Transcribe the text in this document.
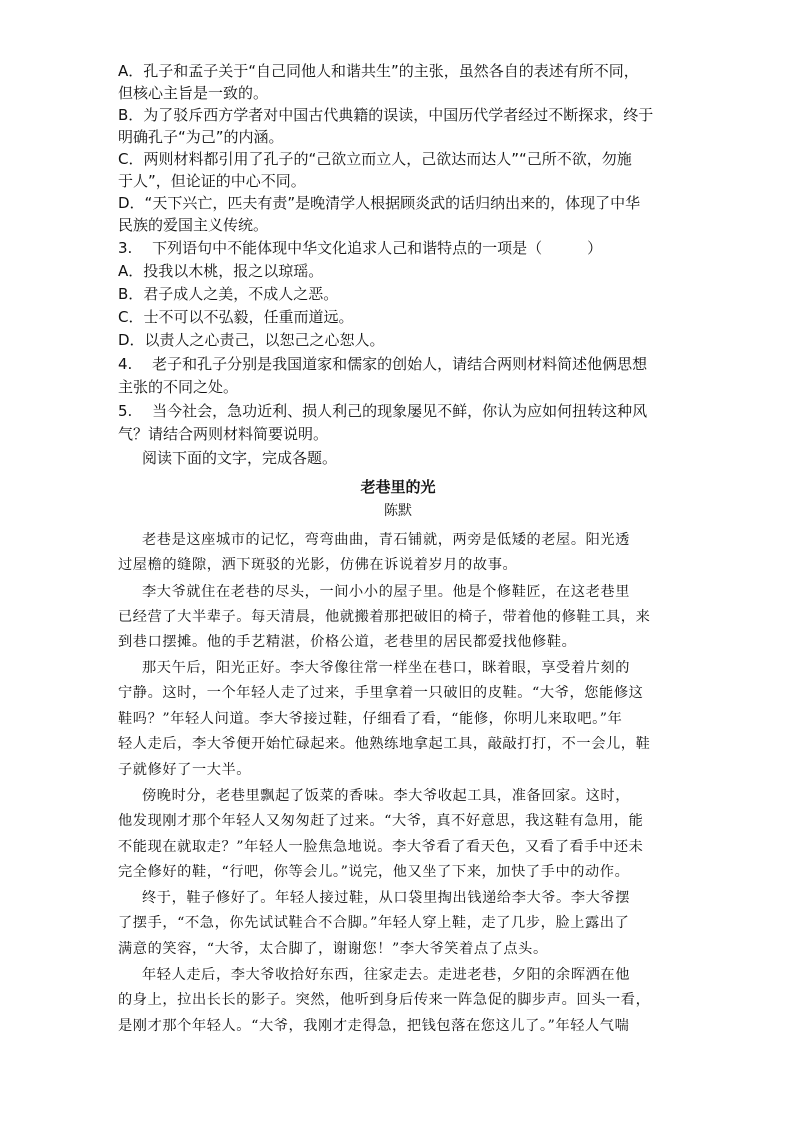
A．孔子和孟子关于“自己同他人和谐共生”的主张，虽然各自的表述有所不同，
但核心主旨是一致的。
B．为了驳斥西方学者对中国古代典籍的误读，中国历代学者经过不断探求，终于
明确孔子“为己”的内涵。
C．两则材料都引用了孔子的“己欲立而立人，己欲达而达人”“己所不欲，勿施
于人”，但论证的中心不同。
D．“天下兴亡，匹夫有责”是晚清学人根据顾炎武的话归纳出来的，体现了中华
民族的爱国主义传统。
3.　 下列语句中不能体现中华文化追求人己和谐特点的一项是（　　　）
A．投我以木桃，报之以琼瑶。
B．君子成人之美，不成人之恶。
C．士不可以不弘毅，任重而道远。
D．以责人之心责己，以恕己之心恕人。
4.　 老子和孔子分别是我国道家和儒家的创始人，请结合两则材料简述他俩思想
主张的不同之处。
5.　 当今社会，急功近利、损人利己的现象屡见不鲜，你认为应如何扭转这种风
气？请结合两则材料简要说明。
阅读下面的文字，完成各题。
老巷里的光
陈默
老巷是这座城市的记忆，弯弯曲曲，青石铺就，两旁是低矮的老屋。阳光透
过屋檐的缝隙，洒下斑驳的光影，仿佛在诉说着岁月的故事。
李大爷就住在老巷的尽头，一间小小的屋子里。他是个修鞋匠，在这老巷里
已经营了大半辈子。每天清晨，他就搬着那把破旧的椅子，带着他的修鞋工具，来
到巷口摆摊。他的手艺精湛，价格公道，老巷里的居民都爱找他修鞋。
那天午后，阳光正好。李大爷像往常一样坐在巷口，眯着眼，享受着片刻的
宁静。这时，一个年轻人走了过来，手里拿着一只破旧的皮鞋。“大爷，您能修这
鞋吗？”年轻人问道。李大爷接过鞋，仔细看了看，“能修，你明儿来取吧。”年
轻人走后，李大爷便开始忙碌起来。他熟练地拿起工具，敲敲打打，不一会儿，鞋
子就修好了一大半。
傍晚时分，老巷里飘起了饭菜的香味。李大爷收起工具，准备回家。这时，
他发现刚才那个年轻人又匆匆赶了过来。“大爷，真不好意思，我这鞋有急用，能
不能现在就取走？”年轻人一脸焦急地说。李大爷看了看天色，又看了看手中还未
完全修好的鞋，“行吧，你等会儿。”说完，他又坐了下来，加快了手中的动作。
终于，鞋子修好了。年轻人接过鞋，从口袋里掏出钱递给李大爷。李大爷摆
了摆手，“不急，你先试试鞋合不合脚。”年轻人穿上鞋，走了几步，脸上露出了
满意的笑容，“大爷，太合脚了，谢谢您！”李大爷笑着点了点头。
年轻人走后，李大爷收拾好东西，往家走去。走进老巷，夕阳的余晖洒在他
的身上，拉出长长的影子。突然，他听到身后传来一阵急促的脚步声。回头一看，
是刚才那个年轻人。“大爷，我刚才走得急，把钱包落在您这儿了。”年轻人气喘
